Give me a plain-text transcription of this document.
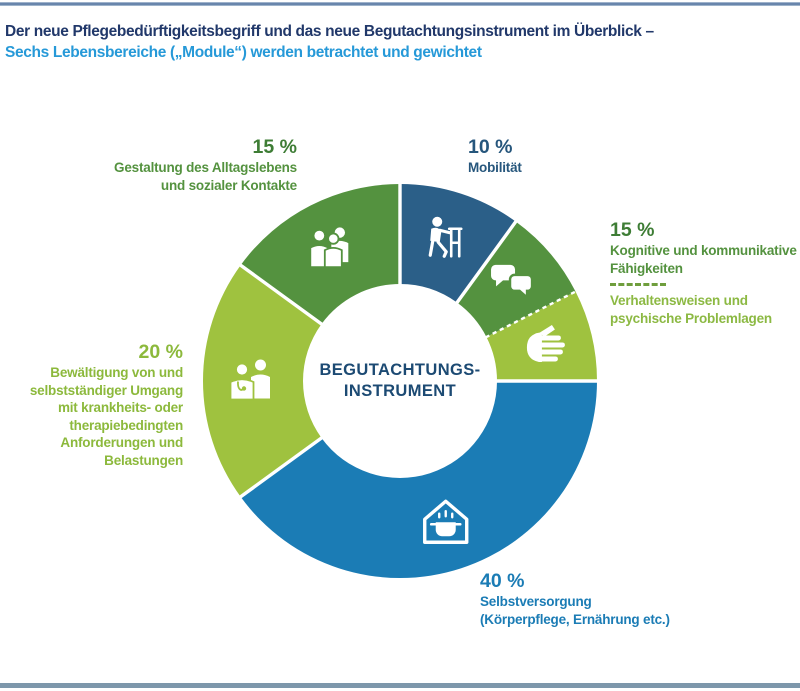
Der neue Pflegebedürftigkeitsbegriff und das neue Begutachtungsinstrument im Überblick –
Sechs Lebensbereiche („Module“) werden betrachtet und gewichtet
BEGUTACHTUNGS-
INSTRUMENT
15 %
Gestaltung des Alltagslebens
und sozialer Kontakte
10 %
Mobilität
15 %
Kognitive und kommunikative
Fähigkeiten
Verhaltensweisen und
psychische Problemlagen
20 %
Bewältigung von und
selbstständiger Umgang
mit krankheits- oder
therapiebedingten
Anforderungen und
Belastungen
40 %
Selbstversorgung
(Körperpflege, Ernährung etc.)
